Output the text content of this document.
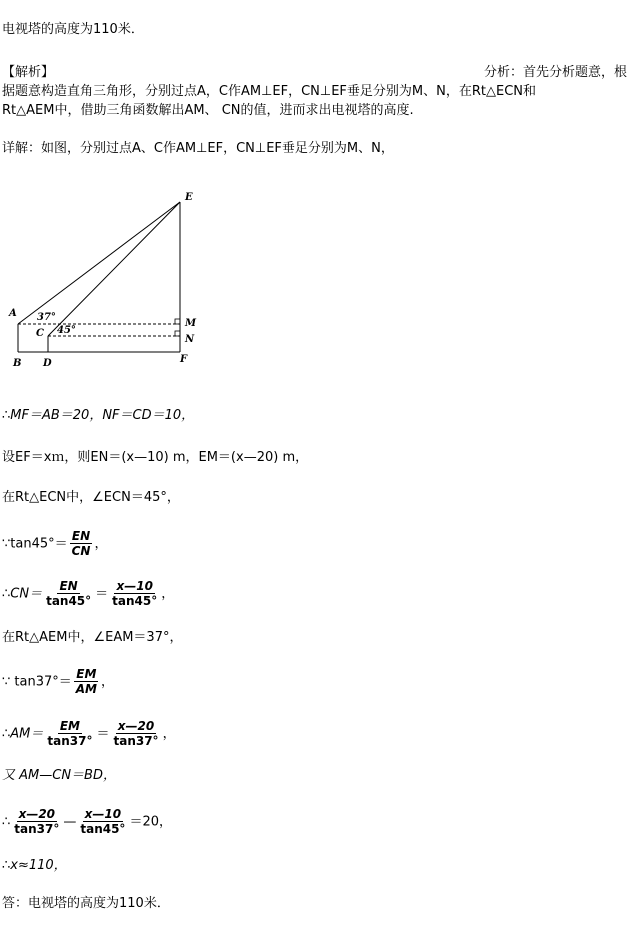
电视塔的高度为110米．
【解析】	分析：首先分析题意，根
据题意构造直角三角形，分别过点A，C作AM⊥EF，CN⊥EF垂足分别为M、N，在Rt△ECN和
Rt△AEM中，借助三角函数解出AM、 CN的值，进而求出电视塔的高度.
详解：如图，分别过点A、C作AM⊥EF，CN⊥EF垂足分别为M、N，
E
A 37°
M
C 45°
N
B D	F
∴MF＝AB＝20，NF＝CD＝10，
设EF＝xｍ，则EN＝(x—10) m，EM＝(x—20) m，
在Rt△ECN中，∠ECN＝45°，
∵tan45°＝ $\frac{EN}{CN}$ ，
∴CN＝ $\frac{EN}{\tan 45^\circ} = \frac{x—10}{\tan 45^\circ}$ ，
在Rt△AEM中，∠EAM＝37°，
∵ $\tan 37^\circ= \frac{EM}{AM}$ ，
∴AM＝ $\frac{EM}{\tan 37^\circ} = \frac{x—20}{\tan 37^\circ}$ ，
又 AM—CN＝BD，
∴ $\frac{x—20}{\tan 37^\circ}$ — $\frac{x—10}{\tan 45^\circ} =20$，
∴x≈110，
答：电视塔的高度为110米．
